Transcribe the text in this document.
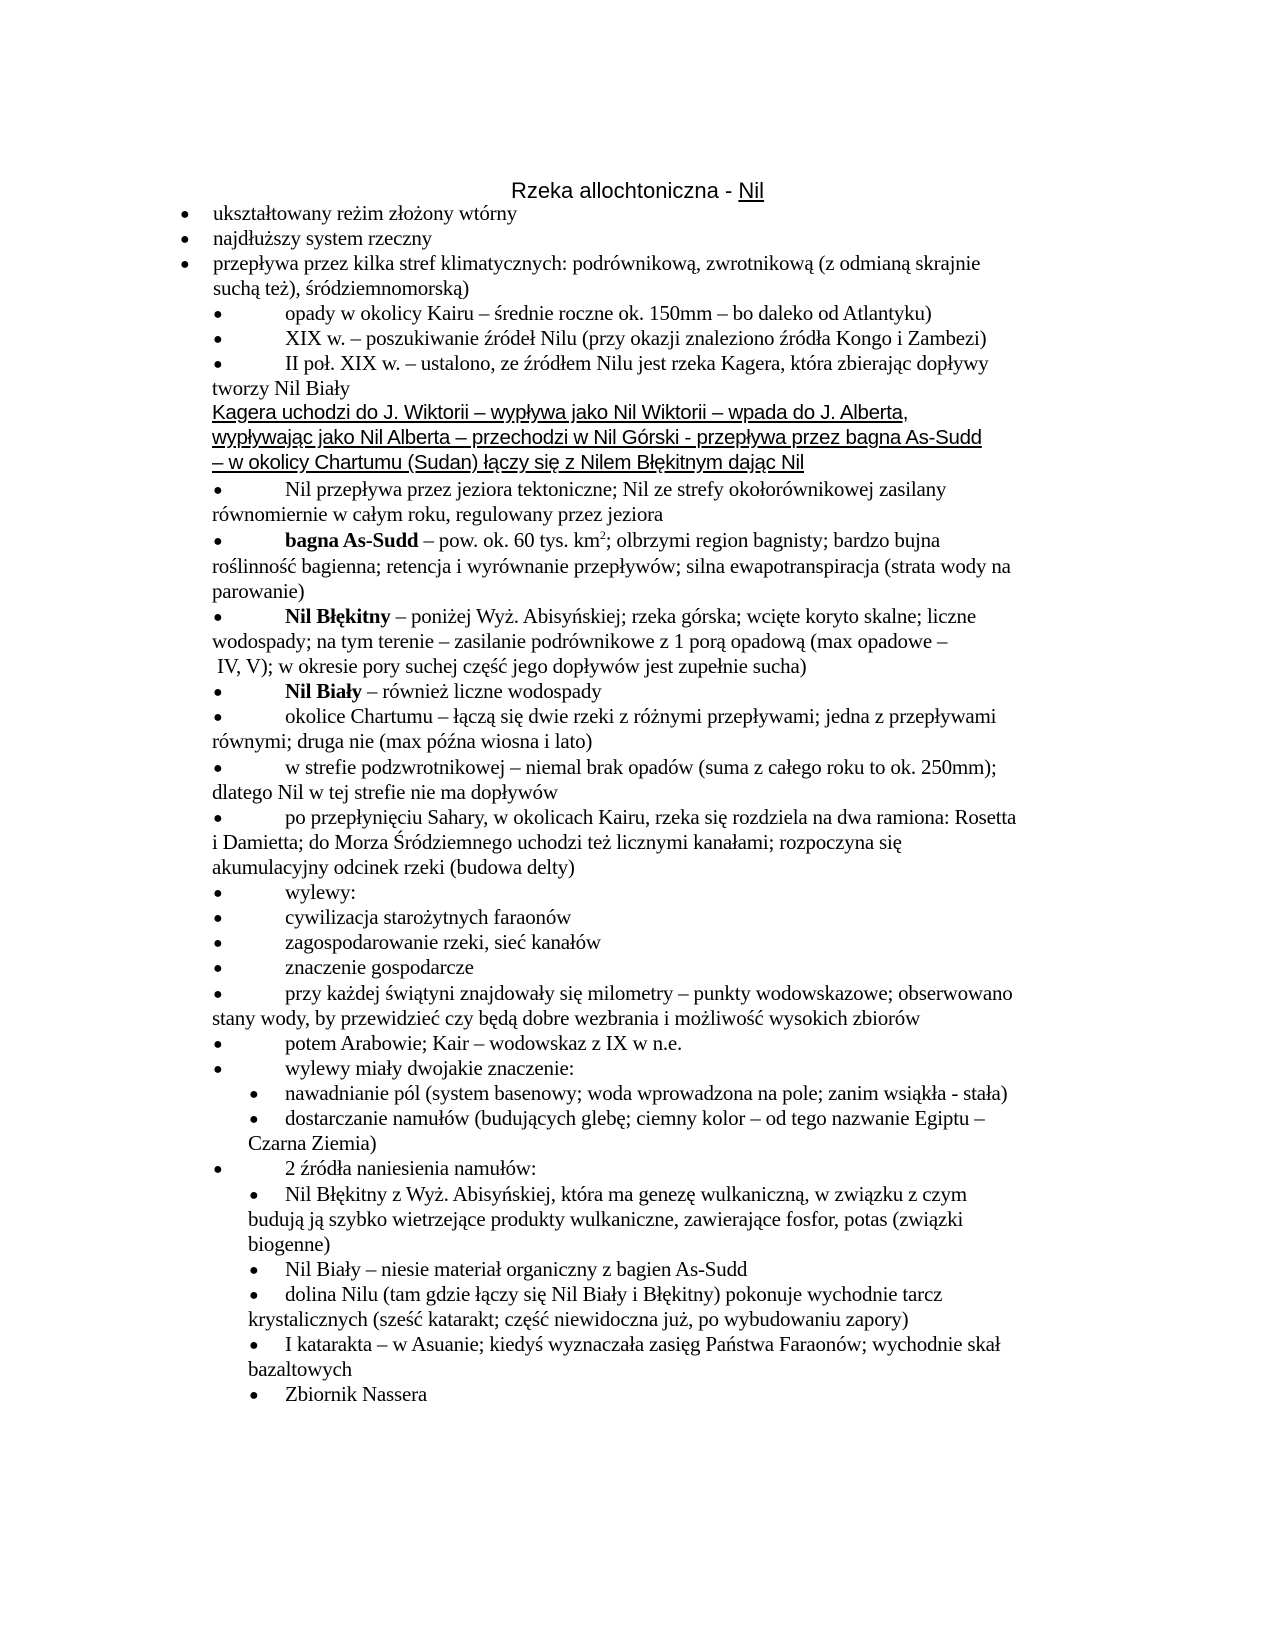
Rzeka allochtoniczna - Nil
● ukształtowany reżim złożony wtórny
● najdłuższy system rzeczny
● przepływa przez kilka stref klimatycznych: podrównikową, zwrotnikową (z odmianą skrajnie
suchą też), śródziemnomorską)
●	opady w okolicy Kairu – średnie roczne ok. 150mm – bo daleko od Atlantyku)
●	XIX w. – poszukiwanie źródeł Nilu (przy okazji znaleziono źródła Kongo i Zambezi)
●	II poł. XIX w. – ustalono, ze źródłem Nilu jest rzeka Kagera, która zbierając dopływy
tworzy Nil Biały
Kagera uchodzi do J. Wiktorii – wypływa jako Nil Wiktorii – wpada do J. Alberta,
wypływając jako Nil Alberta – przechodzi w Nil Górski - przepływa przez bagna As-Sudd
– w okolicy Chartumu (Sudan) łączy się z Nilem Błękitnym dając Nil
●	Nil przepływa przez jeziora tektoniczne; Nil ze strefy okołorównikowej zasilany
równomiernie w całym roku, regulowany przez jeziora
●	bagna As-Sudd – pow. ok. 60 tys. $km^2$; olbrzymi region bagnisty; bardzo bujna
roślinność bagienna; retencja i wyrównanie przepływów; silna ewapotranspiracja (strata wody na
parowanie)
●	Nil Błękitny – poniżej Wyż. Abisyńskiej; rzeka górska; wcięte koryto skalne; liczne
wodospady; na tym terenie – zasilanie podrównikowe z 1 porą opadową (max opadowe –
IV, V); w okresie pory suchej część jego dopływów jest zupełnie sucha)
●	Nil Biały – również liczne wodospady
●	okolice Chartumu – łączą się dwie rzeki z różnymi przepływami; jedna z przepływami
równymi; druga nie (max późna wiosna i lato)
●	w strefie podzwrotnikowej – niemal brak opadów (suma z całego roku to ok. 250mm);
dlatego Nil w tej strefie nie ma dopływów
●	po przepłynięciu Sahary, w okolicach Kairu, rzeka się rozdziela na dwa ramiona: Rosetta
i Damietta; do Morza Śródziemnego uchodzi też licznymi kanałami; rozpoczyna się
akumulacyjny odcinek rzeki (budowa delty)
●	wylewy:
●	cywilizacja starożytnych faraonów
●	zagospodarowanie rzeki, sieć kanałów
●	znaczenie gospodarcze
●	przy każdej świątyni znajdowały się milometry – punkty wodowskazowe; obserwowano
stany wody, by przewidzieć czy będą dobre wezbrania i możliwość wysokich zbiorów
●	potem Arabowie; Kair – wodowskaz z IX w n.e.
●	wylewy miały dwojakie znaczenie:
● nawadnianie pól (system basenowy; woda wprowadzona na pole; zanim wsiąkła - stała)
● dostarczanie namułów (budujących glebę; ciemny kolor – od tego nazwanie Egiptu –
Czarna Ziemia)
●	2 źródła naniesienia namułów:
● Nil Błękitny z Wyż. Abisyńskiej, która ma genezę wulkaniczną, w związku z czym
budują ją szybko wietrzejące produkty wulkaniczne, zawierające fosfor, potas (związki
biogenne)
● Nil Biały – niesie materiał organiczny z bagien As-Sudd
● dolina Nilu (tam gdzie łączy się Nil Biały i Błękitny) pokonuje wychodnie tarcz
krystalicznych (sześć katarakt; część niewidoczna już, po wybudowaniu zapory)
● I katarakta – w Asuanie; kiedyś wyznaczała zasięg Państwa Faraonów; wychodnie skał
bazaltowych
● Zbiornik Nassera
